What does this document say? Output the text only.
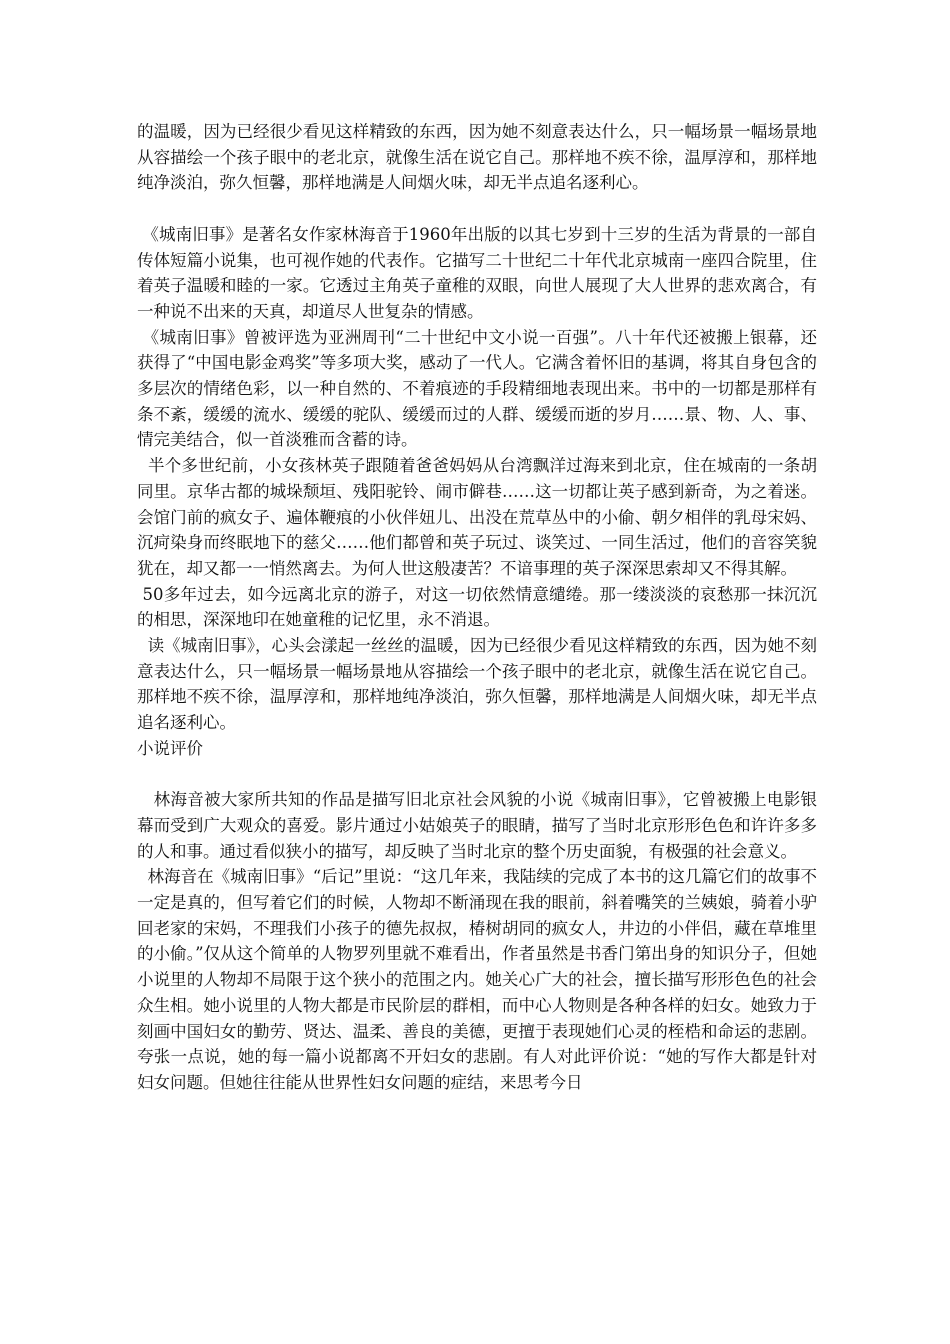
的温暖，因为已经很少看见这样精致的东西，因为她不刻意表达什么，只一幅场景一幅场景地从容描绘一个孩子眼中的老北京，就像生活在说它自己。那样地不疾不徐，温厚淳和，那样地纯净淡泊，弥久恒馨，那样地满是人间烟火味，却无半点追名逐利心。

《城南旧事》是著名女作家林海音于1960年出版的以其七岁到十三岁的生活为背景的一部自传体短篇小说集，也可视作她的代表作。它描写二十世纪二十年代北京城南一座四合院里，住着英子温暖和睦的一家。它透过主角英子童稚的双眼，向世人展现了大人世界的悲欢离合，有一种说不出来的天真，却道尽人世复杂的情感。

《城南旧事》曾被评选为亚洲周刊“二十世纪中文小说一百强”。八十年代还被搬上银幕，还获得了“中国电影金鸡奖”等多项大奖，感动了一代人。它满含着怀旧的基调，将其自身包含的多层次的情绪色彩，以一种自然的、不着痕迹的手段精细地表现出来。书中的一切都是那样有条不紊，缓缓的流水、缓缓的驼队、缓缓而过的人群、缓缓而逝的岁月……景、物、人、事、情完美结合，似一首淡雅而含蓄的诗。

半个多世纪前，小女孩林英子跟随着爸爸妈妈从台湾飘洋过海来到北京，住在城南的一条胡同里。京华古都的城垛颓垣、残阳驼铃、闹市僻巷……这一切都让英子感到新奇，为之着迷。会馆门前的疯女子、遍体鞭痕的小伙伴妞儿、出没在荒草丛中的小偷、朝夕相伴的乳母宋妈、沉疴染身而终眠地下的慈父……他们都曾和英子玩过、谈笑过、一同生活过，他们的音容笑貌犹在，却又都一一悄然离去。为何人世这般凄苦？不谙事理的英子深深思索却又不得其解。

50多年过去，如今远离北京的游子，对这一切依然情意缱绻。那一缕淡淡的哀愁那一抹沉沉的相思，深深地印在她童稚的记忆里，永不消退。

读《城南旧事》，心头会漾起一丝丝的温暖，因为已经很少看见这样精致的东西，因为她不刻意表达什么，只一幅场景一幅场景地从容描绘一个孩子眼中的老北京，就像生活在说它自己。那样地不疾不徐，温厚淳和，那样地纯净淡泊，弥久恒馨，那样地满是人间烟火味，却无半点追名逐利心。

小说评价

林海音被大家所共知的作品是描写旧北京社会风貌的小说《城南旧事》，它曾被搬上电影银幕而受到广大观众的喜爱。影片通过小姑娘英子的眼睛，描写了当时北京形形色色和许许多多的人和事。通过看似狭小的描写，却反映了当时北京的整个历史面貌，有极强的社会意义。

林海音在《城南旧事》“后记”里说：“这几年来，我陆续的完成了本书的这几篇它们的故事不一定是真的，但写着它们的时候，人物却不断涌现在我的眼前，斜着嘴笑的兰姨娘，骑着小驴回老家的宋妈，不理我们小孩子的德先叔叔，椿树胡同的疯女人，井边的小伴侣，藏在草堆里的小偷。”仅从这个简单的人物罗列里就不难看出，作者虽然是书香门第出身的知识分子，但她小说里的人物却不局限于这个狭小的范围之内。她关心广大的社会，擅长描写形形色色的社会众生相。她小说里的人物大都是市民阶层的群相，而中心人物则是各种各样的妇女。她致力于刻画中国妇女的勤劳、贤达、温柔、善良的美德，更擅于表现她们心灵的桎梏和命运的悲剧。夸张一点说，她的每一篇小说都离不开妇女的悲剧。有人对此评价说：“她的写作大都是针对妇女问题。但她往往能从世界性妇女问题的症结，来思考今日
